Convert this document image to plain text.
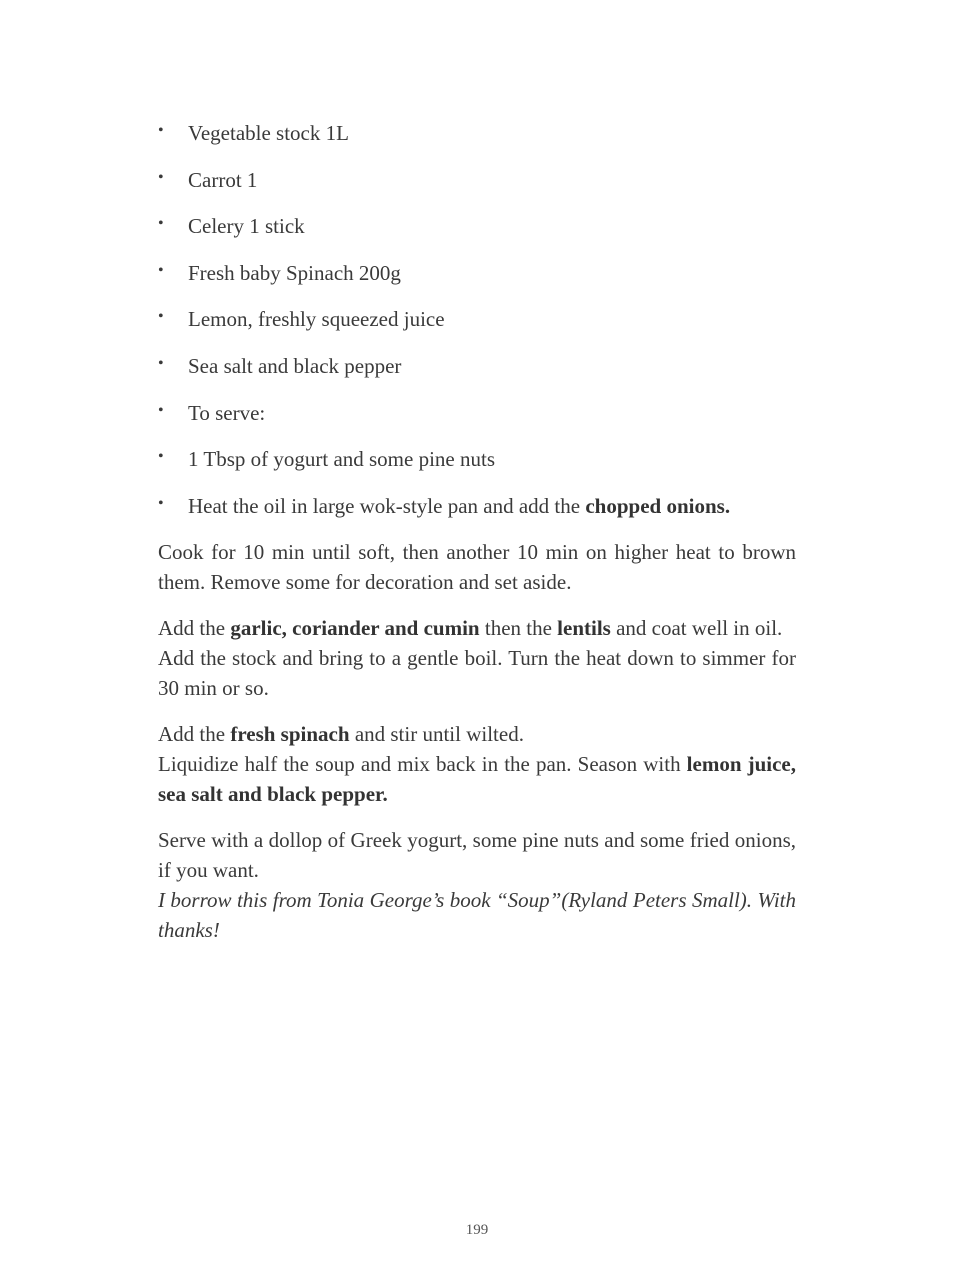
• Vegetable stock 1L
• Carrot 1
• Celery 1 stick
• Fresh baby Spinach 200g
• Lemon, freshly squeezed juice
• Sea salt and black pepper
• To serve:
• 1 Tbsp of yogurt and some pine nuts
• Heat the oil in large wok-style pan and add the chopped onions.

Cook for 10 min until soft, then another 10 min on higher heat to brown them. Remove some for decoration and set aside.

Add the garlic, coriander and cumin then the lentils and coat well in oil.

Add the stock and bring to a gentle boil. Turn the heat down to simmer for 30 min or so.

Add the fresh spinach and stir until wilted.

Liquidize half the soup and mix back in the pan. Season with lemon juice, sea salt and black pepper.

Serve with a dollop of Greek yogurt, some pine nuts and some fried onions, if you want.

I borrow this from Tonia George’s book “Soup”(Ryland Peters Small). With thanks!

199
